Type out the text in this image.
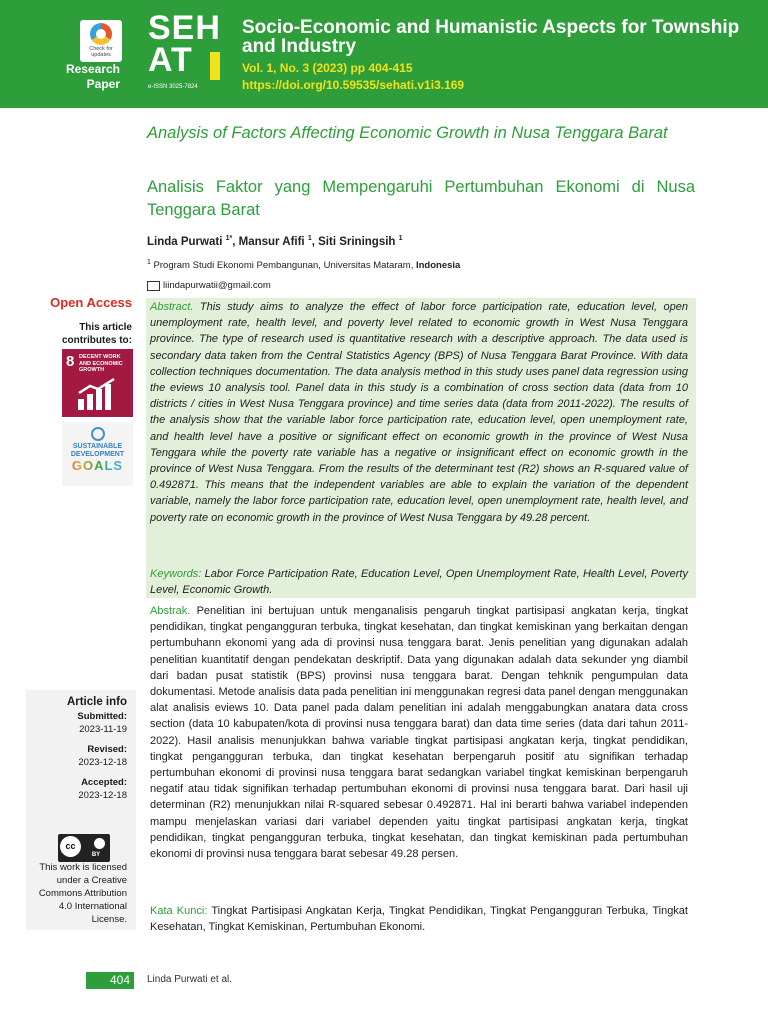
Check for updates
Research
Paper
SEH
AT
e-ISSN 3025-7824
Socio-Economic and Humanistic Aspects for Township and Industry
Vol. 1, No. 3 (2023) pp 404-415
https://doi.org/10.59535/sehati.v1i3.169
Analysis of Factors Affecting Economic Growth in Nusa Tenggara Barat
Analisis Faktor yang Mempengaruhi Pertumbuhan Ekonomi di Nusa Tenggara Barat
Linda Purwati $^{1*}$, Mansur Afifi $^1$, Siti Sriningsih $^1$
$^1$ Program Studi Ekonomi Pembangunan, Universitas Mataram, Indonesia
liindapurwatii@gmail.com
Open Access
This article contributes to:
8 DECENT WORK AND ECONOMIC GROWTH
SUSTAINABLE
DEVELOPMENT
GOALS
Abstract. This study aims to analyze the effect of labor force participation rate, education level, open unemployment rate, health level, and poverty level related to economic growth in West Nusa Tenggara province. The type of research used is quantitative research with a descriptive approach. The data used is secondary data taken from the Central Statistics Agency (BPS) of Nusa Tenggara Barat Province. With data collection techniques documentation. The data analysis method in this study uses panel data regression using the eviews 10 analysis tool. Panel data in this study is a combination of cross section data (data from 10 districts / cities in West Nusa Tenggara province) and time series data (data from 2011-2022). The results of the analysis show that the variable labor force participation rate, education level, open unemployment rate, and health level have a positive or significant effect on economic growth in the province of West Nusa Tenggara while the poverty rate variable has a negative or insignificant effect on economic growth in the province of West Nusa Tenggara. From the results of the determinant test (R2) shows an R-squared value of 0.492871. This means that the independent variables are able to explain the variation of the dependent variable, namely the labor force participation rate, education level, open unemployment rate, health level, and poverty rate on economic growth in the province of West Nusa Tenggara by 49.28 percent.
Keywords: Labor Force Participation Rate, Education Level, Open Unemployment Rate, Health Level, Poverty Level, Economic Growth.
Abstrak. Penelitian ini bertujuan untuk menganalisis pengaruh tingkat partisipasi angkatan kerja, tingkat pendidikan, tingkat pengangguran terbuka, tingkat kesehatan, dan tingkat kemiskinan yang berkaitan dengan pertumbuhann ekonomi yang ada di provinsi nusa tenggara barat. Jenis penelitian yang digunakan adalah penelitian kuantitatif dengan pendekatan deskriptif. Data yang digunakan adalah data sekunder yng diambil dari badan pusat statistik (BPS) provinsi nusa tenggara barat. Dengan tehknik pengumpulan data dokumentasi. Metode analisis data pada penelitian ini menggunakan regresi data panel dengan menggunakan alat analisis eviews 10. Data panel pada dalam penelitian ini adalah menggabungkan anatara data cross section (data 10 kabupaten/kota di provinsi nusa tenggara barat) dan data time series (data dari tahun 2011-2022). Hasil analisis menunjukkan bahwa variable tingkat partisipasi angkatan kerja, tingkat pendidikan, tingkat pengangguran terbuka, dan tingkat kesehatan berpengaruh positif atu signifikan terhadap pertumbuhan ekonomi di provinsi nusa tenggara barat sedangkan variabel tingkat kemiskinan berpengaruh negatif atau tidak signifikan terhadap pertumbuhan ekonomi di provinsi nusa tenggara barat. Dari hasil uji determinan (R2) menunjukkan nilai R-squared sebesar 0.492871. Hal ini berarti bahwa variabel independen mampu menjelaskan variasi dari variabel dependen yaitu tingkat partisipasi angkatan kerja, tingkat pendidikan, tingkat pengangguran terbuka, tingkat kesehatan, dan tingkat kemiskinan pada pertumbuhan ekonomi di provinsi nusa tenggara barat sebesar 49.28 persen.
Kata Kunci: Tingkat Partisipasi Angkatan Kerja, Tingkat Pendidikan, Tingkat Pengangguran Terbuka, Tingkat Kesehatan, Tingkat Kemiskinan, Pertumbuhan Ekonomi.
Article info
Submitted:
2023-11-19
Revised:
2023-12-18
Accepted:
2023-12-18
cc
BY
This work is licensed under a Creative Commons Attribution 4.0 International License.
404	Linda Purwati et al.
